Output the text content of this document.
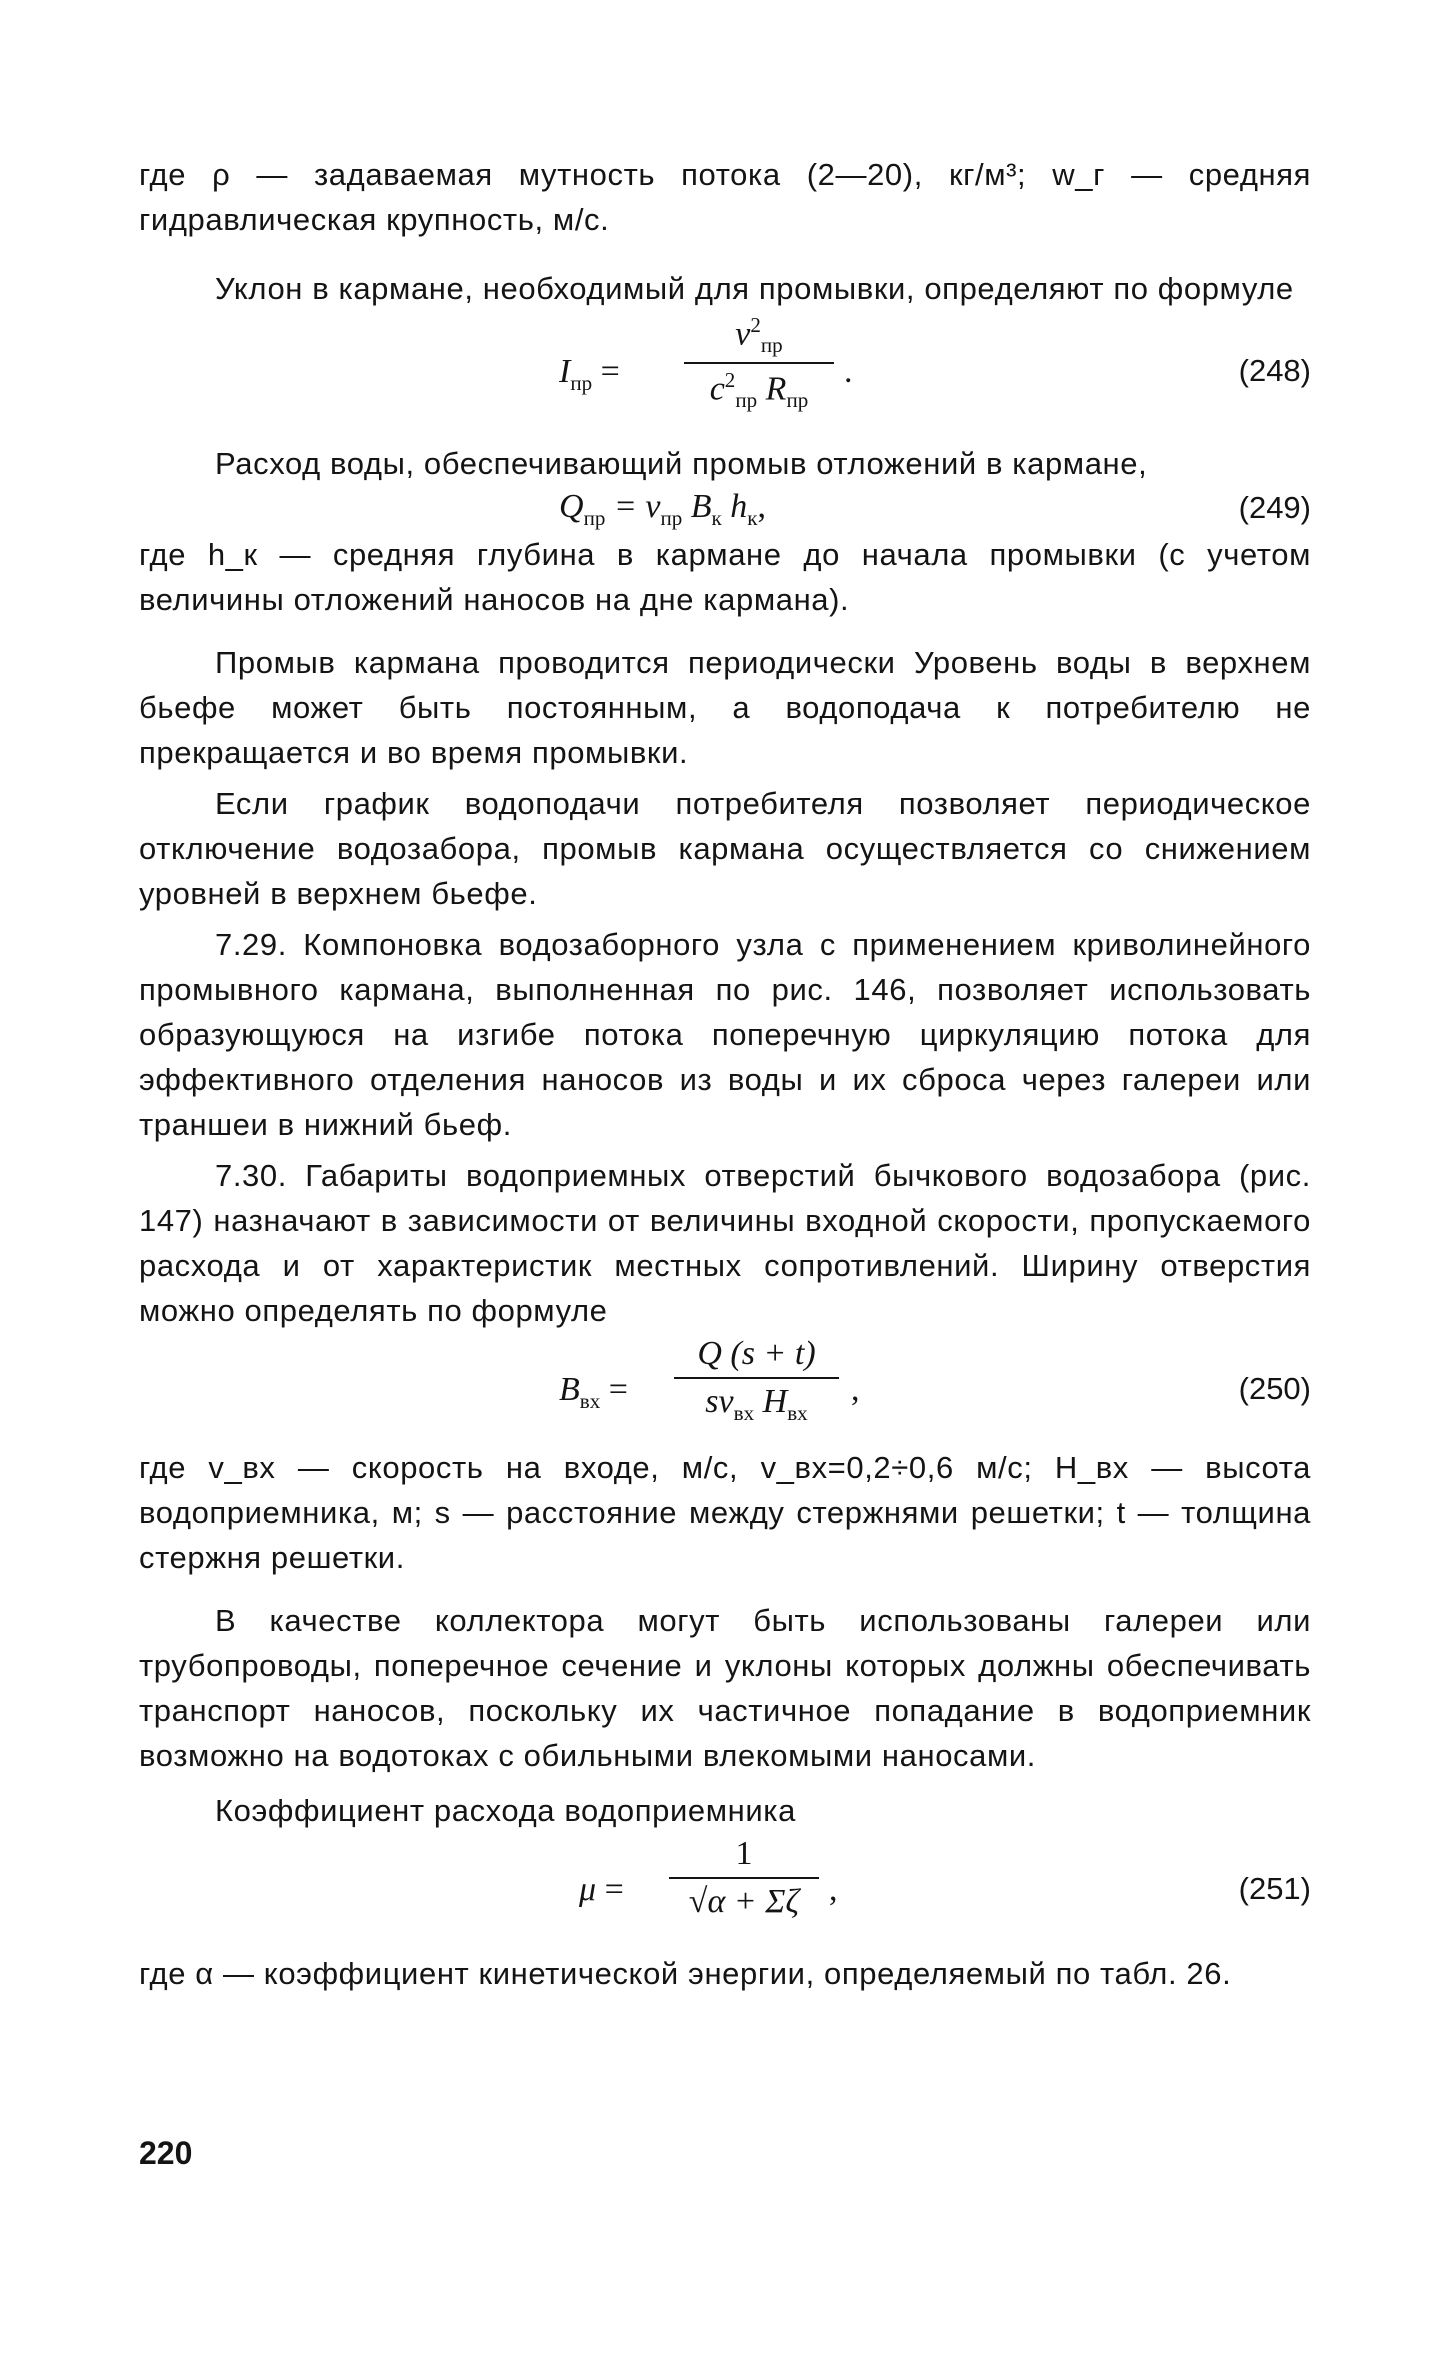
где ρ — задаваемая мутность потока (2—20), кг/м³; w_г — средняя гидравлическая крупность, м/с.

Уклон в кармане, необходимый для промывки, определяют по формуле

$I_{пр}$ =
$v^2_{пр}$
$c^2_{пр}$ $R_{пр}$
.	(248)

Расход воды, обеспечивающий промыв отложений в кармане,

$Q_{пр} = v_{пр}$ $B_к$ $h_к$,	(249)

где h_к — средняя глубина в кармане до начала промывки (с учетом величины отложений наносов на дне кармана).

Промыв кармана проводится периодически Уровень воды в верхнем бьефе может быть постоянным, а водоподача к потребителю не прекращается и во время промывки.

Если график водоподачи потребителя позволяет периодическое отключение водозабора, промыв кармана осуществляется со снижением уровней в верхнем бьефе.

7.29. Компоновка водозаборного узла с применением криволинейного промывного кармана, выполненная по рис. 146, позволяет использовать образующуюся на изгибе потока поперечную циркуляцию потока для эффективного отделения наносов из воды и их сброса через галереи или траншеи в нижний бьеф.

7.30. Габариты водоприемных отверстий бычкового водозабора (рис. 147) назначают в зависимости от величины входной скорости, пропускаемого расхода и от характеристик местных сопротивлений. Ширину отверстия можно определять по формуле

$B_{вх}$ =
Q (s + t)
$sv_{вх}$ $H_{вх}$
,	(250)

где v_вх — скорость на входе, м/с, v_вх=0,2÷0,6 м/с; H_вх — высота водоприемника, м; s — расстояние между стержнями решетки; t — толщина стержня решетки.

В качестве коллектора могут быть использованы галереи или трубопроводы, поперечное сечение и уклоны которых должны обеспечивать транспорт наносов, поскольку их частичное попадание в водоприемник возможно на водотоках с обильными влекомыми наносами.

Коэффициент расхода водоприемника

μ =
1
√α + Σζ ,	(251)

где α — коэффициент кинетической энергии, определяемый по табл. 26.

220
